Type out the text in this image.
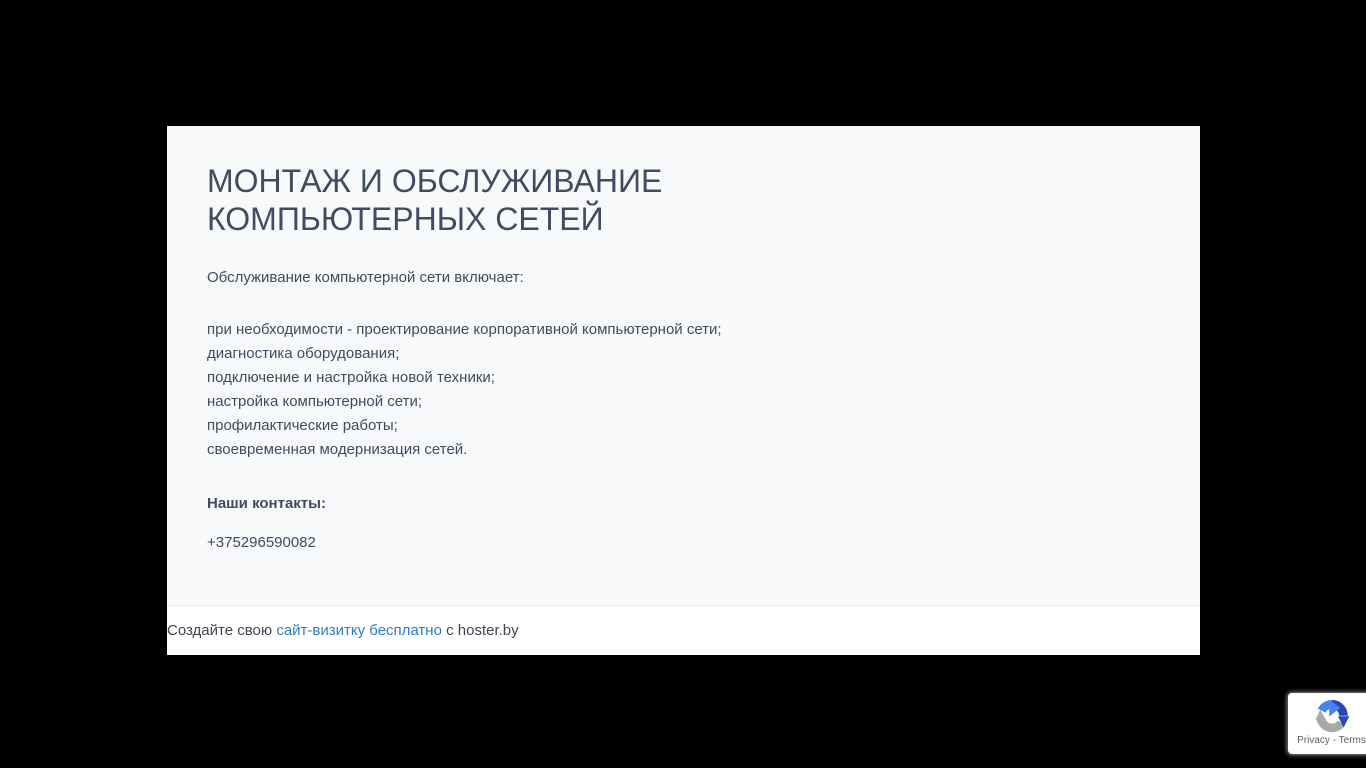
МОНТАЖ И ОБСЛУЖИВАНИЕ КОМПЬЮТЕРНЫХ СЕТЕЙ

Обслуживание компьютерной сети включает:

при необходимости - проектирование корпоративной компьютерной сети;
диагностика оборудования;
подключение и настройка новой техники;
настройка компьютерной сети;
профилактические работы;
своевременная модернизация сетей.

Наши контакты:

+375296590082

Создайте свою сайт-визитку бесплатно с hoster.by
Privacy - Terms
